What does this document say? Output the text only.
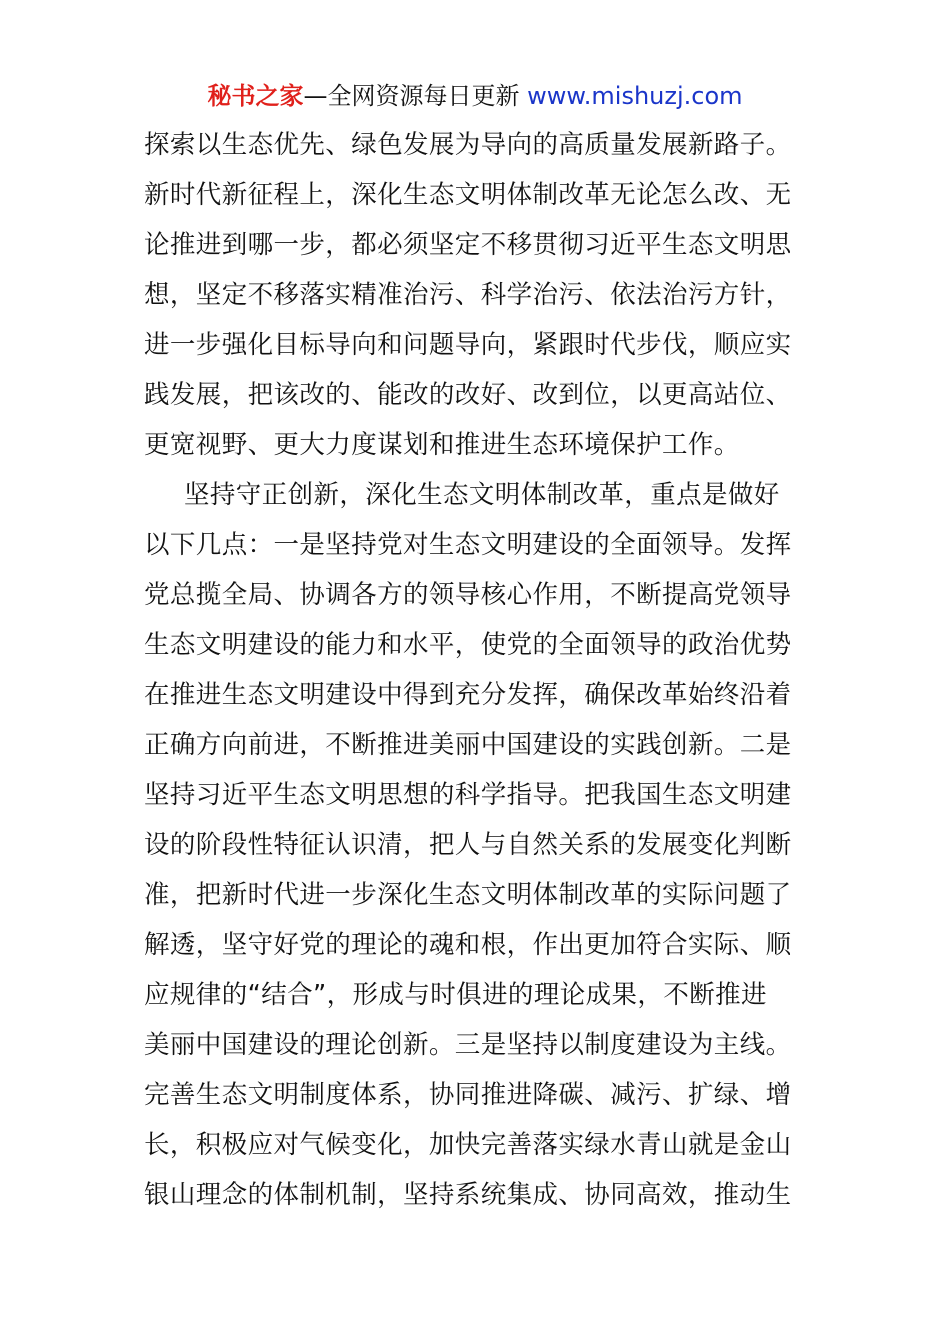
秘书之家—全网资源每日更新 www.mishuzj.com
探索以生态优先、绿色发展为导向的高质量发展新路子。
新时代新征程上，深化生态文明体制改革无论怎么改、无
论推进到哪一步，都必须坚定不移贯彻习近平生态文明思
想，坚定不移落实精准治污、科学治污、依法治污方针，
进一步强化目标导向和问题导向，紧跟时代步伐，顺应实
践发展，把该改的、能改的改好、改到位，以更高站位、
更宽视野、更大力度谋划和推进生态环境保护工作。
坚持守正创新，深化生态文明体制改革，重点是做好
以下几点：一是坚持党对生态文明建设的全面领导。发挥
党总揽全局、协调各方的领导核心作用，不断提高党领导
生态文明建设的能力和水平，使党的全面领导的政治优势
在推进生态文明建设中得到充分发挥，确保改革始终沿着
正确方向前进，不断推进美丽中国建设的实践创新。二是
坚持习近平生态文明思想的科学指导。把我国生态文明建
设的阶段性特征认识清，把人与自然关系的发展变化判断
准，把新时代进一步深化生态文明体制改革的实际问题了
解透，坚守好党的理论的魂和根，作出更加符合实际、顺
应规律的“结合”，形成与时俱进的理论成果，不断推进
美丽中国建设的理论创新。三是坚持以制度建设为主线。
完善生态文明制度体系，协同推进降碳、减污、扩绿、增
长，积极应对气候变化，加快完善落实绿水青山就是金山
银山理念的体制机制，坚持系统集成、协同高效，推动生
